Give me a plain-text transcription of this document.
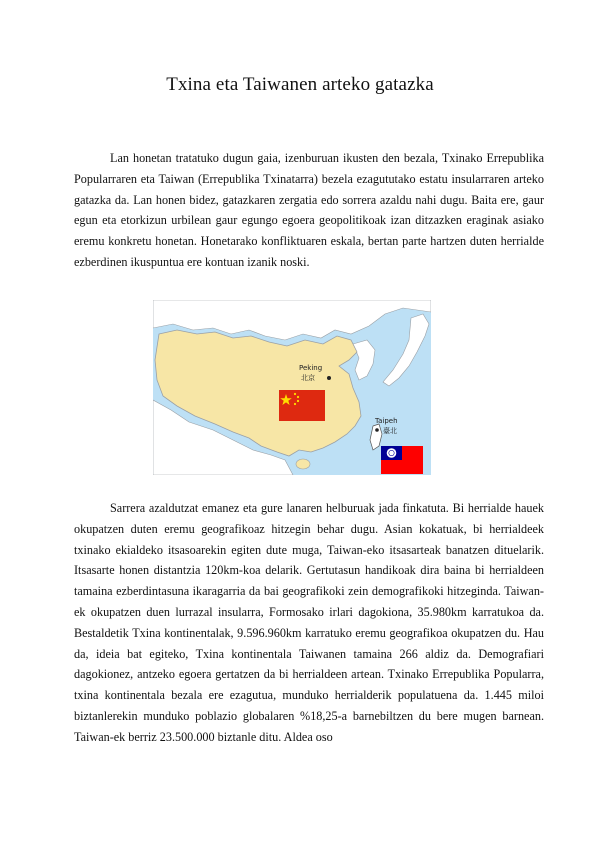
Txina eta Taiwanen arteko gatazka

Lan honetan tratatuko dugun gaia, izenburuan ikusten den bezala, Txinako Errepublika Popularraren eta Taiwan (Errepublika Txinatarra) bezela ezagututako estatu insularraren arteko gatazka da. Lan honen bidez, gatazkaren zergatia edo sorrera azaldu nahi dugu. Baita ere, gaur egun eta etorkizun urbilean gaur egungo egoera geopolitikoak izan ditzazken eraginak asiako eremu konkretu honetan. Honetarako konfliktuaren eskala, bertan parte hartzen duten herrialde ezberdinen ikuspuntua ere kontuan izanik noski.

Peking
北京
Taipeh
臺北

Sarrera azaldutzat emanez eta gure lanaren helburuak jada finkatuta. Bi herrialde hauek okupatzen duten eremu geografikoaz hitzegin behar dugu. Asian kokatuak, bi herrialdeek txinako ekialdeko itsasoarekin egiten dute muga, Taiwan-eko itsasarteak banatzen dituelarik. Itsasarte honen distantzia 120km-koa delarik. Gertutasun handikoak dira baina bi herrialdeen tamaina ezberdintasuna ikaragarria da bai geografikoki zein demografikoki hitzeginda. Taiwan-ek okupatzen duen lurrazal insularra, Formosako irlari dagokiona, 35.980km karratukoa da. Bestaldetik Txina kontinentalak, 9.596.960km karratuko eremu geografikoa okupatzen du. Hau da, ideia bat egiteko, Txina kontinentala Taiwanen tamaina 266 aldiz da. Demografiari dagokionez, antzeko egoera gertatzen da bi herrialdeen artean. Txinako Errepublika Popularra, txina kontinentala bezala ere ezagutua, munduko herrialderik populatuena da. 1.445 miloi biztanlerekin munduko poblazio globalaren %18,25-a barnebiltzen du bere mugen barnean. Taiwan-ek berriz 23.500.000 biztanle ditu. Aldea oso
